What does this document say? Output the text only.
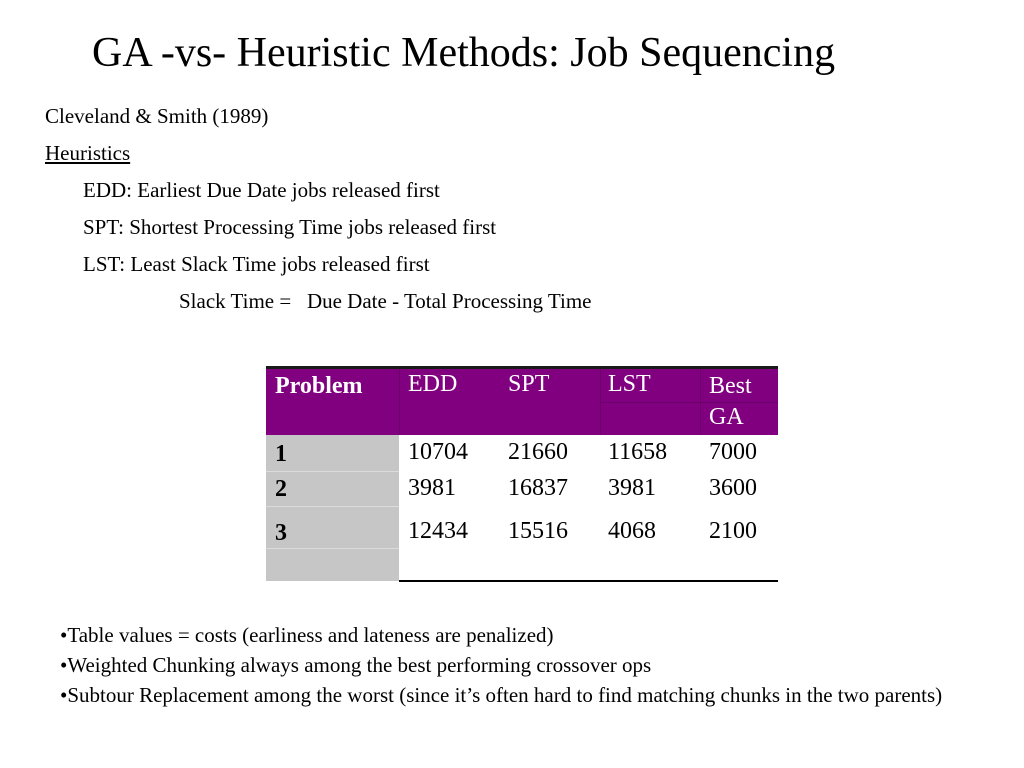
GA -vs- Heuristic Methods: Job Sequencing
Cleveland & Smith (1989)
Heuristics
EDD: Earliest Due Date jobs released first
SPT: Shortest Processing Time jobs released first
LST: Least Slack Time jobs released first
Slack Time =   Due Date - Total Processing Time
Problem EDD SPT LST Best
GA
1	10704 21660 11658 7000
2	3981 16837 3981 3600
3	12434 15516 4068 2100

•Table values = costs (earliness and lateness are penalized)

•Weighted Chunking always among the best performing crossover ops

•Subtour Replacement among the worst (since it’s often hard to find matching chunks in the two parents)
